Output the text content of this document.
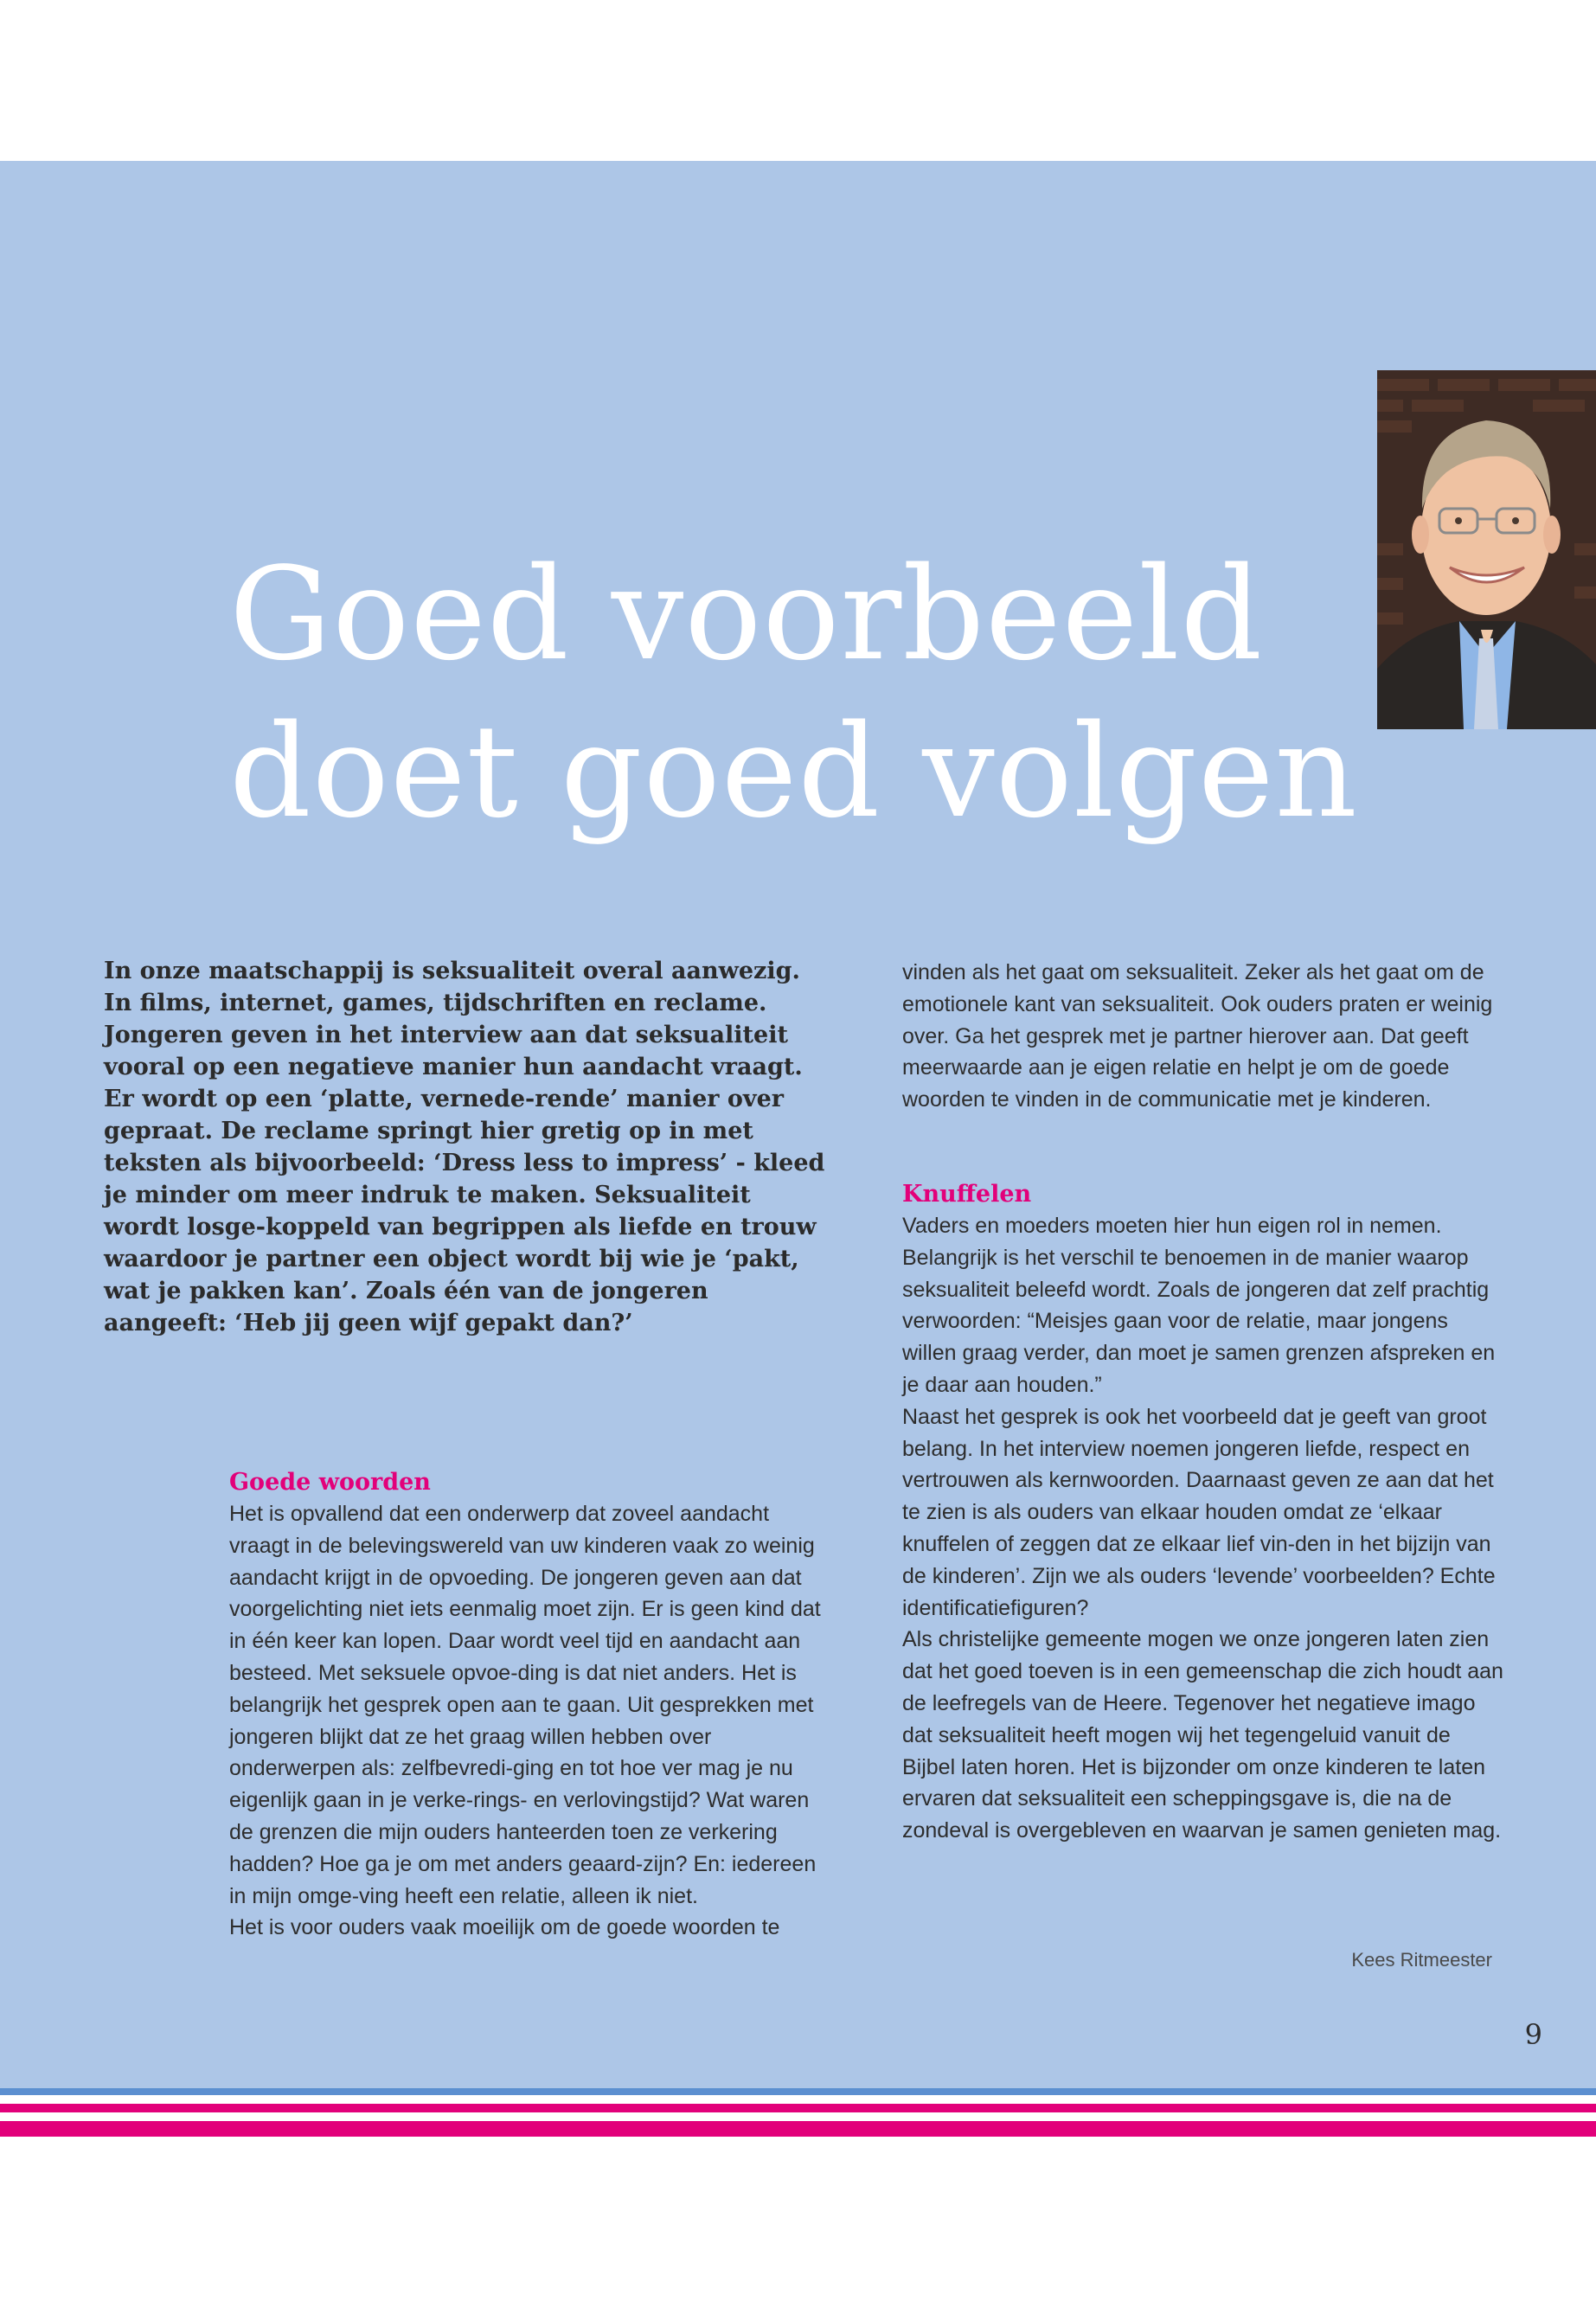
Goed voorbeeld
doet goed volgen

In onze maatschappij is seksualiteit overal aanwezig. In films, internet, games, tijdschriften en reclame. Jongeren geven in het interview aan dat seksualiteit vooral op een negatieve manier hun aandacht vraagt. Er wordt op een ‘platte, vernede-rende’ manier over gepraat. De reclame springt hier gretig op in met teksten als bijvoorbeeld: ‘Dress less to impress’ - kleed je minder om meer indruk te maken. Seksualiteit wordt losge-koppeld van begrippen als liefde en trouw waardoor je partner een object wordt bij wie je ‘pakt, wat je pakken kan’. Zoals één van de jongeren aangeeft: ‘Heb jij geen wijf gepakt dan?’

Goede woorden

Het is opvallend dat een onderwerp dat zoveel aandacht vraagt in de belevingswereld van uw kinderen vaak zo weinig aandacht krijgt in de opvoeding. De jongeren geven aan dat voorgelichting niet iets eenmalig moet zijn. Er is geen kind dat in één keer kan lopen. Daar wordt veel tijd en aandacht aan besteed. Met seksuele opvoe-ding is dat niet anders. Het is belangrijk het gesprek open aan te gaan. Uit gesprekken met jongeren blijkt dat ze het graag willen hebben over onderwerpen als: zelfbevredi-ging en tot hoe ver mag je nu eigenlijk gaan in je verke-rings- en verlovingstijd? Wat waren de grenzen die mijn ouders hanteerden toen ze verkering hadden? Hoe ga je om met anders geaard-zijn? En: iedereen in mijn omge-ving heeft een relatie, alleen ik niet.

Het is voor ouders vaak moeilijk om de goede woorden te

vinden als het gaat om seksualiteit. Zeker als het gaat om de emotionele kant van seksualiteit. Ook ouders praten er weinig over. Ga het gesprek met je partner hierover aan. Dat geeft meerwaarde aan je eigen relatie en helpt je om de goede woorden te vinden in de communicatie met je kinderen.

Knuffelen

Vaders en moeders moeten hier hun eigen rol in nemen. Belangrijk is het verschil te benoemen in de manier waarop seksualiteit beleefd wordt. Zoals de jongeren dat zelf prachtig verwoorden: “Meisjes gaan voor de relatie, maar jongens willen graag verder, dan moet je samen grenzen afspreken en je daar aan houden.”

Naast het gesprek is ook het voorbeeld dat je geeft van groot belang. In het interview noemen jongeren liefde, respect en vertrouwen als kernwoorden. Daarnaast geven ze aan dat het te zien is als ouders van elkaar houden omdat ze ‘elkaar knuffelen of zeggen dat ze elkaar lief vin-den in het bijzijn van de kinderen’. Zijn we als ouders ‘levende’ voorbeelden? Echte identificatiefiguren?

Als christelijke gemeente mogen we onze jongeren laten zien dat het goed toeven is in een gemeenschap die zich houdt aan de leefregels van de Heere. Tegenover het negatieve imago dat seksualiteit heeft mogen wij het tegengeluid vanuit de Bijbel laten horen. Het is bijzonder om onze kinderen te laten ervaren dat seksualiteit een scheppingsgave is, die na de zondeval is overgebleven en waarvan je samen genieten mag.

Kees Ritmeester
9
